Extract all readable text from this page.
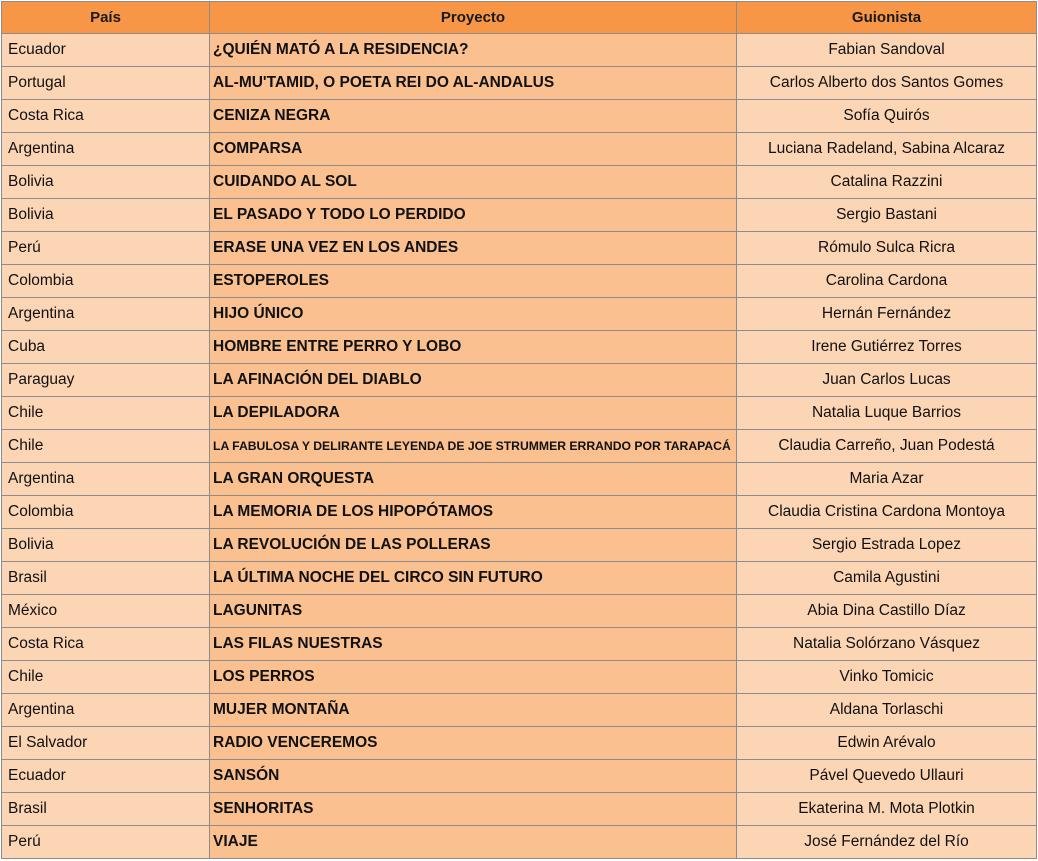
País	Proyecto	Guionista
Ecuador	¿QUIÉN MATÓ A LA RESIDENCIA?	Fabian Sandoval
Portugal	AL-MU'TAMID, O POETA REI DO AL-ANDALUS	Carlos Alberto dos Santos Gomes
Costa Rica	CENIZA NEGRA	Sofía Quirós
Argentina	COMPARSA	Luciana Radeland, Sabina Alcaraz
Bolivia	CUIDANDO AL SOL	Catalina Razzini
Bolivia	EL PASADO Y TODO LO PERDIDO	Sergio Bastani
Perú	ERASE UNA VEZ EN LOS ANDES	Rómulo Sulca Ricra
Colombia	ESTOPEROLES	Carolina Cardona
Argentina	HIJO ÚNICO	Hernán Fernández
Cuba	HOMBRE ENTRE PERRO Y LOBO	Irene Gutiérrez Torres
Paraguay	LA AFINACIÓN DEL DIABLO	Juan Carlos Lucas
Chile	LA DEPILADORA	Natalia Luque Barrios
Chile	LA FABULOSA Y DELIRANTE LEYENDA DE JOE STRUMMER ERRANDO POR TARAPACÁ	Claudia Carreño, Juan Podestá
Argentina	LA GRAN ORQUESTA	Maria Azar
Colombia	LA MEMORIA DE LOS HIPOPÓTAMOS	Claudia Cristina Cardona Montoya
Bolivia	LA REVOLUCIÓN DE LAS POLLERAS	Sergio Estrada Lopez
Brasil	LA ÚLTIMA NOCHE DEL CIRCO SIN FUTURO	Camila Agustini
México	LAGUNITAS	Abia Dina Castillo Díaz
Costa Rica	LAS FILAS NUESTRAS	Natalia Solórzano Vásquez
Chile	LOS PERROS	Vinko Tomicic
Argentina	MUJER MONTAÑA	Aldana Torlaschi
El Salvador	RADIO VENCEREMOS	Edwin Arévalo
Ecuador	SANSÓN	Pável Quevedo Ullauri
Brasil	SENHORITAS	Ekaterina M. Mota Plotkin
Perú	VIAJE	José Fernández del Río
